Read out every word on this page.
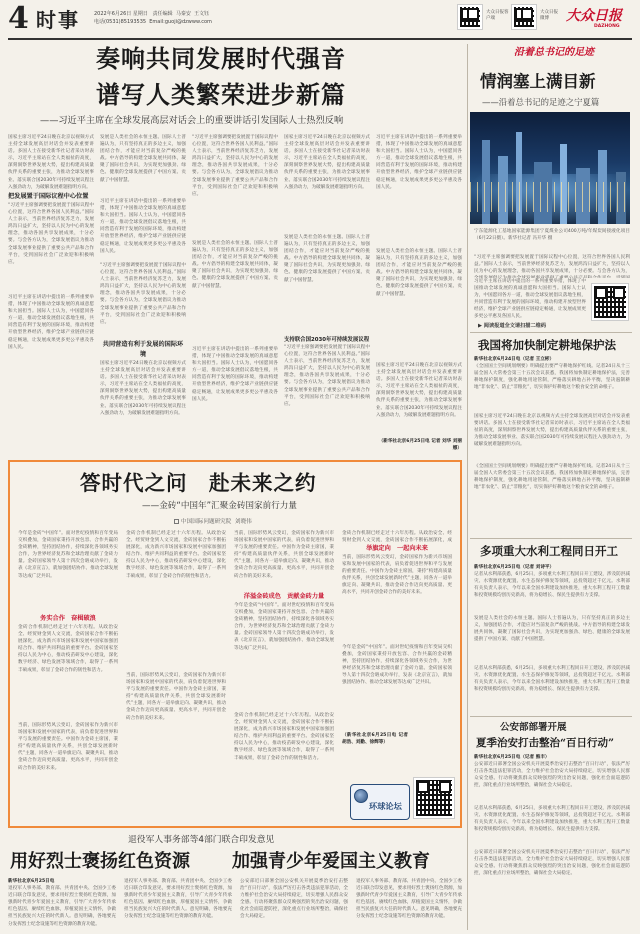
4 时事	2022年6月26日 星期日 责任编辑 马秦安 王文钰
电话(0531)85193535 Email:guoji@dzwww.com
大众日报客户端
大众日报微博	大众日报
DAZHONG
奏响共同发展时代强音
谱写人类繁荣进步新篇
——习近平主席在全球发展高层对话会上的重要讲话引发国际人士热烈反响
国家主席习近平24日晚在北京以视频方式主持全球发展高层对话会并发表重要讲话。多国人士在接受新华社记者采访时表示，习近平主席站在全人类福祉的高度，深刻洞察世界发展大势，提出构建高质量伙伴关系的重要主张，为推动全球发展事业、落实联合国2030年可持续发展议程注入强劲动力，为破解发展难题指明方向。
把发展置于国际议程中心位置
“习近平主席强调要把发展置于国际议程中心位置，这符合世界各国人民利益。”国际人士表示，当前世界经济复苏乏力，发展鸿沟日益扩大，坚持以人民为中心的发展理念，推动各国共享发展成果，十分必要。与会各方认为，全球发展倡议为推动全球发展事业提供了重要公共产品和合作平台，受到国际社会广泛欢迎和积极响应。
习近平主席在讲话中提出的一系列重要举措，体现了中国推动全球发展的真诚意愿和大国担当。国际人士认为，中国愿同各方一道，推动全球发展倡议落地生根，共同营造有利于发展的国际环境，推动构建开放型世界经济，维护全球产业链供应链稳定畅通，让发展成果更多更公平惠及各国人民。
发展是人类社会的永恒主题。国际人士普遍认为，只有坚持真正的多边主义，加强团结合作，才能应对当前复杂严峻的挑战。中方倡导的构建全球发展共同体，凝聚了国际社会共识，为实现更加强劲、绿色、健康的全球发展提供了中国方案、贡献了中国智慧。
习近平主席在讲话中提出的一系列重要举措，体现了中国推动全球发展的真诚意愿和大国担当。国际人士认为，中国愿同各方一道，推动全球发展倡议落地生根，共同营造有利于发展的国际环境，推动构建开放型世界经济，维护全球产业链供应链稳定畅通，让发展成果更多更公平惠及各国人民。
“习近平主席强调要把发展置于国际议程中心位置，这符合世界各国人民利益。”国际人士表示，当前世界经济复苏乏力，发展鸿沟日益扩大，坚持以人民为中心的发展理念，推动各国共享发展成果，十分必要。与会各方认为，全球发展倡议为推动全球发展事业提供了重要公共产品和合作平台，受到国际社会广泛欢迎和积极响应。
共同营造有利于发展的国际环境
国家主席习近平24日晚在北京以视频方式主持全球发展高层对话会并发表重要讲话。多国人士在接受新华社记者采访时表示，习近平主席站在全人类福祉的高度，深刻洞察世界发展大势，提出构建高质量伙伴关系的重要主张，为推动全球发展事业、落实联合国2030年可持续发展议程注入强劲动力，为破解发展难题指明方向。
“习近平主席强调要把发展置于国际议程中心位置，这符合世界各国人民利益。”国际人士表示，当前世界经济复苏乏力，发展鸿沟日益扩大，坚持以人民为中心的发展理念，推动各国共享发展成果，十分必要。与会各方认为，全球发展倡议为推动全球发展事业提供了重要公共产品和合作平台，受到国际社会广泛欢迎和积极响应。
发展是人类社会的永恒主题。国际人士普遍认为，只有坚持真正的多边主义，加强团结合作，才能应对当前复杂严峻的挑战。中方倡导的构建全球发展共同体，凝聚了国际社会共识，为实现更加强劲、绿色、健康的全球发展提供了中国方案、贡献了中国智慧。
习近平主席在讲话中提出的一系列重要举措，体现了中国推动全球发展的真诚意愿和大国担当。国际人士认为，中国愿同各方一道，推动全球发展倡议落地生根，共同营造有利于发展的国际环境，推动构建开放型世界经济，维护全球产业链供应链稳定畅通，让发展成果更多更公平惠及各国人民。
国家主席习近平24日晚在北京以视频方式主持全球发展高层对话会并发表重要讲话。多国人士在接受新华社记者采访时表示，习近平主席站在全人类福祉的高度，深刻洞察世界发展大势，提出构建高质量伙伴关系的重要主张，为推动全球发展事业、落实联合国2030年可持续发展议程注入强劲动力，为破解发展难题指明方向。
发展是人类社会的永恒主题。国际人士普遍认为，只有坚持真正的多边主义，加强团结合作，才能应对当前复杂严峻的挑战。中方倡导的构建全球发展共同体，凝聚了国际社会共识，为实现更加强劲、绿色、健康的全球发展提供了中国方案、贡献了中国智慧。
支持联合国2030年可持续发展议程
“习近平主席强调要把发展置于国际议程中心位置，这符合世界各国人民利益。”国际人士表示，当前世界经济复苏乏力，发展鸿沟日益扩大，坚持以人民为中心的发展理念，推动各国共享发展成果，十分必要。与会各方认为，全球发展倡议为推动全球发展事业提供了重要公共产品和合作平台，受到国际社会广泛欢迎和积极响应。
习近平主席在讲话中提出的一系列重要举措，体现了中国推动全球发展的真诚意愿和大国担当。国际人士认为，中国愿同各方一道，推动全球发展倡议落地生根，共同营造有利于发展的国际环境，推动构建开放型世界经济，维护全球产业链供应链稳定畅通，让发展成果更多更公平惠及各国人民。
发展是人类社会的永恒主题。国际人士普遍认为，只有坚持真正的多边主义，加强团结合作，才能应对当前复杂严峻的挑战。中方倡导的构建全球发展共同体，凝聚了国际社会共识，为实现更加强劲、绿色、健康的全球发展提供了中国方案、贡献了中国智慧。
国家主席习近平24日晚在北京以视频方式主持全球发展高层对话会并发表重要讲话。多国人士在接受新华社记者采访时表示，习近平主席站在全人类福祉的高度，深刻洞察世界发展大势，提出构建高质量伙伴关系的重要主张，为推动全球发展事业、落实联合国2030年可持续发展议程注入强劲动力，为破解发展难题指明方向。
（新华社北京6月25日电 记者 刘华 刘丽娜）
沿着总书记的足迹
情润塞上满目新
——沿着总书记的足迹之宁夏篇
宁东能源化工基地国家能源集团宁夏煤业公司400万吨/年煤炭间接液化项目（6月22日摄）。新华社记者 冯开华 摄
“习近平主席强调要把发展置于国际议程中心位置，这符合世界各国人民利益。”国际人士表示，当前世界经济复苏乏力，发展鸿沟日益扩大，坚持以人民为中心的发展理念，推动各国共享发展成果，十分必要。与会各方认为，
习近平主席在讲话中提出的一系列重要举措，体现了中国推动全球发展的真诚意愿和大国担当。国际人士认为，中国愿同各方一道，推动全球发展倡议落地生根，共同营造有利于发展的国际环境，推动构建开放型世界经济，维护全球产业链供应链稳定畅通，让发展成果更多更公平惠及各国人民。
▶ 阅读报道全文请扫描二维码
我国将加快制定耕地保护法
新华社北京6月24日电（记者 王立彬）
《全国国土空间规划纲要》明确提出要严守耕地保护红线。记者24日从十三届全国人大常委会第三十五次会议获悉，我国将加快制定耕地保护法，完善耕地保护制度，强化耕地用途管制，严格落实耕地占补平衡，坚决遏制耕地“非农化”、防止“非粮化”，切实保护好耕地这个粮食安全的命根子。
国家主席习近平24日晚在北京以视频方式主持全球发展高层对话会并发表重要讲话。多国人士在接受新华社记者采访时表示，习近平主席站在全人类福祉的高度，深刻洞察世界发展大势，提出构建高质量伙伴关系的重要主张，为推动全球发展事业、落实联合国2030年可持续发展议程注入强劲动力，为破解发展难题指明方向。
《全国国土空间规划纲要》明确提出要严守耕地保护红线。记者24日从十三届全国人大常委会第三十五次会议获悉，我国将加快制定耕地保护法，完善耕地保护制度，强化耕地用途管制，严格落实耕地占补平衡，坚决遏制耕地“非农化”、防止“非粮化”，切实保护好耕地这个粮食安全的命根子。
多项重大水利工程同日开工
新华社北京6月25日电（记者 刘诗平）
记者从水利部获悉，6月25日，多项重大水利工程同日开工建设，涉及防洪减灾、水资源优化配置、水生态保护修复等领域，总投资超过千亿元。水利部有关负责人表示，今年以来全国水利建设加快推进，重大水利工程开工数量和投资规模均创历史新高，将为稳增长、保民生提供有力支撑。
发展是人类社会的永恒主题。国际人士普遍认为，只有坚持真正的多边主义，加强团结合作，才能应对当前复杂严峻的挑战。中方倡导的构建全球发展共同体，凝聚了国际社会共识，为实现更加强劲、绿色、健康的全球发展提供了中国方案、贡献了中国智慧。
记者从水利部获悉，6月25日，多项重大水利工程同日开工建设，涉及防洪减灾、水资源优化配置、水生态保护修复等领域，总投资超过千亿元。水利部有关负责人表示，今年以来全国水利建设加快推进，重大水利工程开工数量和投资规模均创历史新高，将为稳增长、保民生提供有力支撑。
公安部部署开展
夏季治安打击整治“百日行动”
新华社北京6月25日电（记者 熊丰）
公安部近日部署全国公安机关开展夏季治安打击整治“百日行动”，依法严厉打击各类违法犯罪活动，全力维护社会治安大局持续稳定，切实增强人民群众安全感。行动将聚焦群众反映强烈的突出治安问题，强化社会面巡逻防控，深化重点行业场所整治，确保社会大局稳定。
记者从水利部获悉，6月25日，多项重大水利工程同日开工建设，涉及防洪减灾、水资源优化配置、水生态保护修复等领域，总投资超过千亿元。水利部有关负责人表示，今年以来全国水利建设加快推进，重大水利工程开工数量和投资规模均创历史新高，将为稳增长、保民生提供有力支撑。
公安部近日部署全国公安机关开展夏季治安打击整治“百日行动”，依法严厉打击各类违法犯罪活动，全力维护社会治安大局持续稳定，切实增强人民群众安全感。行动将聚焦群众反映强烈的突出治安问题，强化社会面巡逻防控，深化重点行业场所整治，确保社会大局稳定。
答时代之问　赴未来之约
——金砖“中国年”汇聚金砖国家前行力量
中国国际问题研究院 刘晓伟
今年是金砖“中国年”。面对世纪疫情和百年变局交织叠加，金砖国家秉持开放包容、合作共赢的金砖精神，坚持团结协作，持续深化各领域务实合作，为世界经济复苏和全球治理贡献了金砖力量。金砖国家领导人第十四次会晤成功举行，发表《北京宣言》，就加强团结协作、推动全球发展等达成广泛共识。
务实合作　奋楫破浪
金砖合作机制已经走过十六年历程。从政治安全、经贸财金到人文交流，金砖国家合作不断拓展深化，成为新兴市场国家和发展中国家加强团结合作、维护共同利益的重要平台。金砖国家坚持以人民为中心，推动疫苗研发中心建设，深化数字经济、绿色发展等领域合作，取得了一系列丰硕成果，彰显了金砖合作的韧性和活力。
当前，国际形势风云变幻，金砖国家作为新兴市场国家和发展中国家的代表，肩负着促进世界和平与发展的重要责任。中国作为金砖主席国，秉持“构建高质量伙伴关系，共创全球发展新时代”主题，同各方一道举旗定向、凝聚共识，推动金砖合作迈向更高质量、更高水平，共同开创金砖合作的美好未来。
金砖合作机制已经走过十六年历程。从政治安全、经贸财金到人文交流，金砖国家合作不断拓展深化，成为新兴市场国家和发展中国家加强团结合作、维护共同利益的重要平台。金砖国家坚持以人民为中心，推动疫苗研发中心建设，深化数字经济、绿色发展等领域合作，取得了一系列丰硕成果，彰显了金砖合作的韧性和活力。
当前，国际形势风云变幻，金砖国家作为新兴市场国家和发展中国家的代表，肩负着促进世界和平与发展的重要责任。中国作为金砖主席国，秉持“构建高质量伙伴关系，共创全球发展新时代”主题，同各方一道举旗定向、凝聚共识，推动金砖合作迈向更高质量、更高水平，共同开创金砖合作的美好未来。
当前，国际形势风云变幻，金砖国家作为新兴市场国家和发展中国家的代表，肩负着促进世界和平与发展的重要责任。中国作为金砖主席国，秉持“构建高质量伙伴关系，共创全球发展新时代”主题，同各方一道举旗定向、凝聚共识，推动金砖合作迈向更高质量、更高水平，共同开创金砖合作的美好未来。
洋溢金砖成色　贡献金砖力量
今年是金砖“中国年”。面对世纪疫情和百年变局交织叠加，金砖国家秉持开放包容、合作共赢的金砖精神，坚持团结协作，持续深化各领域务实合作，为世界经济复苏和全球治理贡献了金砖力量。金砖国家领导人第十四次会晤成功举行，发表《北京宣言》，就加强团结协作、推动全球发展等达成广泛共识。
金砖合作机制已经走过十六年历程。从政治安全、经贸财金到人文交流，金砖国家合作不断拓展深化，成为新兴市场国家和发展中国家加强团结合作、维护共同利益的重要平台。金砖国家坚持以人民为中心，推动疫苗研发中心建设，深化数字经济、绿色发展等领域合作，取得了一系列丰硕成果，彰显了金砖合作的韧性和活力。
金砖合作机制已经走过十六年历程。从政治安全、经贸财金到人文交流，金砖国家合作不断拓展深化，成
举旗定向　一起向未来
当前，国际形势风云变幻，金砖国家作为新兴市场国家和发展中国家的代表，肩负着促进世界和平与发展的重要责任。中国作为金砖主席国，秉持“构建高质量伙伴关系，共创全球发展新时代”主题，同各方一道举旗定向、凝聚共识，推动金砖合作迈向更高质量、更高水平，共同开创金砖合作的美好未来。
今年是金砖“中国年”。面对世纪疫情和百年变局交织叠加，金砖国家秉持开放包容、合作共赢的金砖精神，坚持团结协作，持续深化各领域务实合作，为世界经济复苏和全球治理贡献了金砖力量。金砖国家领导人第十四次会晤成功举行，发表《北京宣言》，就加强团结协作、推动全球发展等达成广泛共识。
（新华社北京6月25日电 记者 胡浩、刘勤、徐辉等）
环球论坛
退役军人事务部等4部门联合印发意见
用好烈士褒扬红色资源 加强青少年爱国主义教育
新华社北京6月25日电
退役军人事务部、教育部、共青团中央、全国少工委近日联合印发意见，要求用好烈士褒扬红色资源，加强新时代青少年爱国主义教育，引导广大青少年传承红色基因、赓续红色血脉，厚植爱国主义情怀，争做担当民族复兴大任的时代新人。意见明确，各地要充分发挥烈士纪念设施等红色资源的教育功能。
退役军人事务部、教育部、共青团中央、全国少工委近日联合印发意见，要求用好烈士褒扬红色资源，加强新时代青少年爱国主义教育，引导广大青少年传承红色基因、赓续红色血脉，厚植爱国主义情怀，争做担当民族复兴大任的时代新人。意见明确，各地要充分发挥烈士纪念设施等红色资源的教育功能。
公安部近日部署全国公安机关开展夏季治安打击整治“百日行动”，依法严厉打击各类违法犯罪活动，全力维护社会治安大局持续稳定，切实增强人民群众安全感。行动将聚焦群众反映强烈的突出治安问题，强化社会面巡逻防控，深化重点行业场所整治，确保社会大局稳定。
退役军人事务部、教育部、共青团中央、全国少工委近日联合印发意见，要求用好烈士褒扬红色资源，加强新时代青少年爱国主义教育，引导广大青少年传承红色基因、赓续红色血脉，厚植爱国主义情怀，争做担当民族复兴大任的时代新人。意见明确，各地要充分发挥烈士纪念设施等红色资源的教育功能。
